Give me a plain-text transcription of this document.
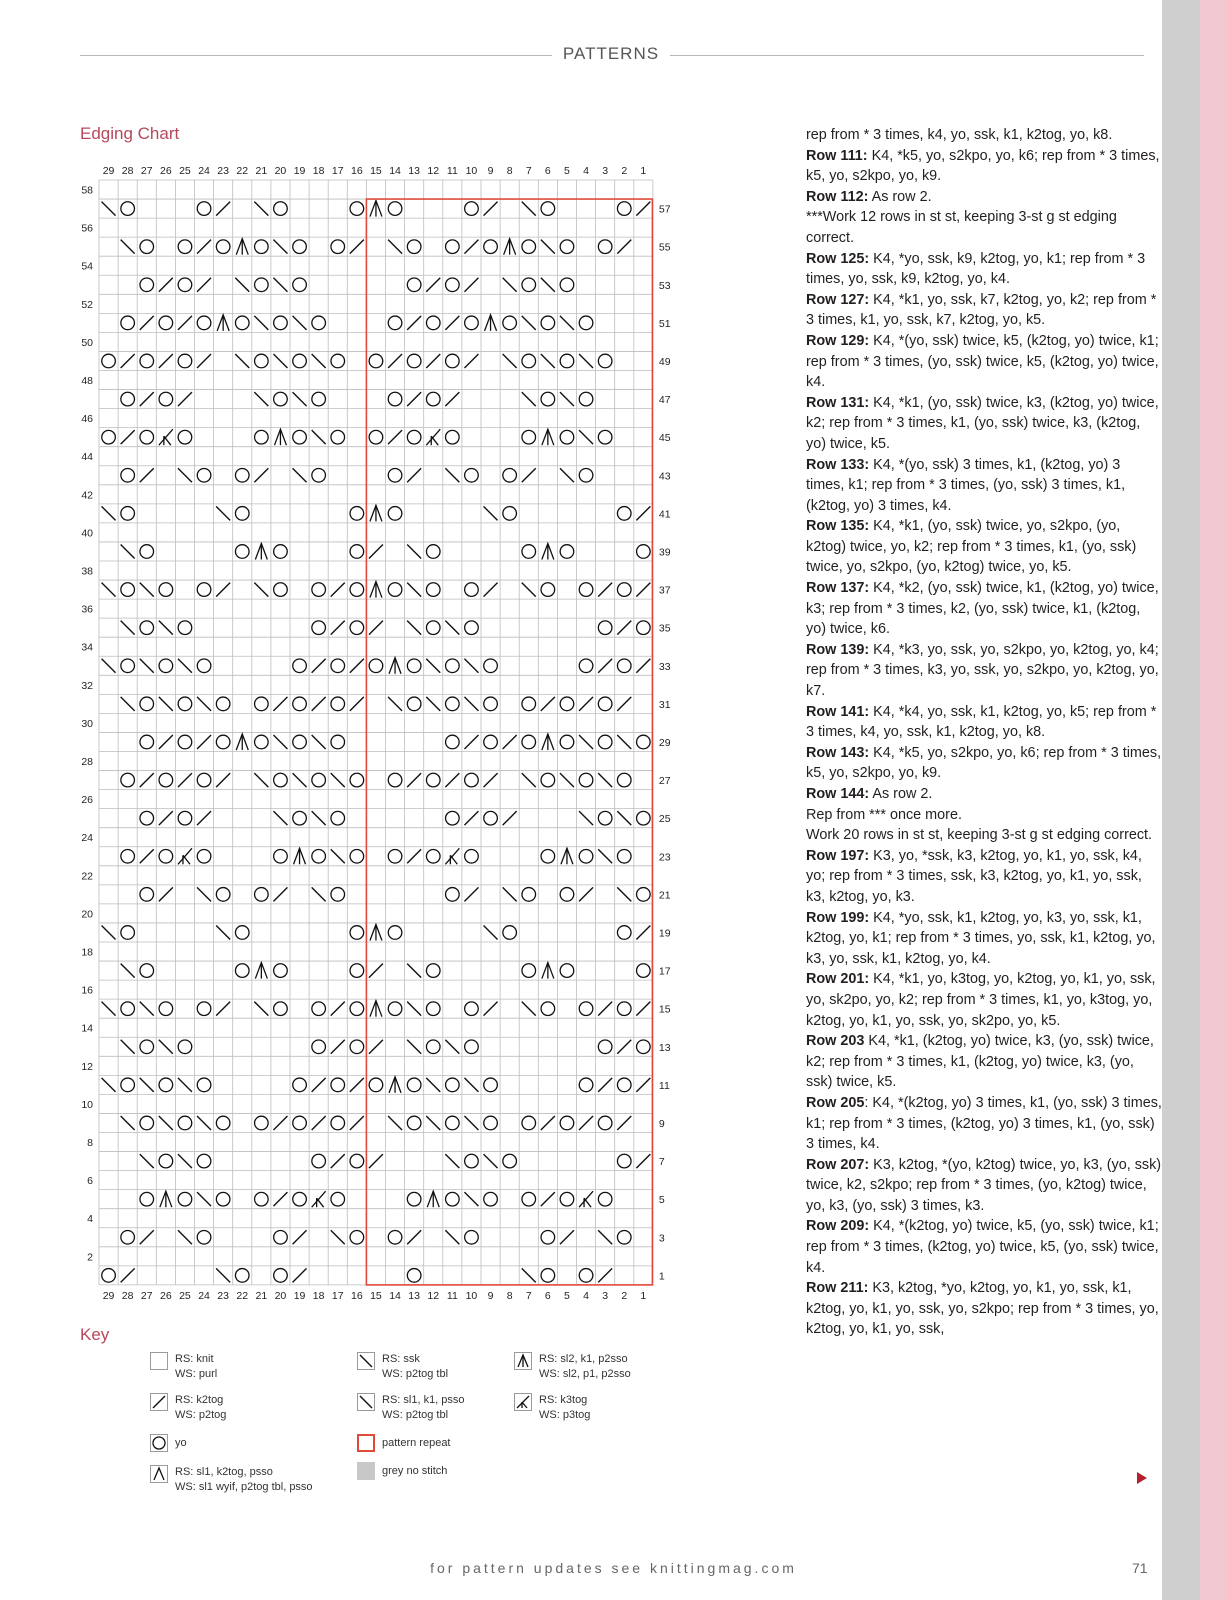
PATTERNS
Edging Chart
29
29
28
28
27
27
26
26
25
25
24
24
23
23
22
22
21
21
20
20
19
19
18
18
17
17
16
16
15
15
14
14
13
13
12
12
11
11
10
10
9
9
8
8
7
7
6
6
5
5
4
4
3
3
2
2
1
1
57
55
53
51
49
47
45
43
41
39
37
35
33
31
29
27
25
23
21
19
17
15
13
11
9
7
5
3
1
58
56
54
52
50
48
46
44
42
40
38
36
34
32
30
28
26
24
22
20
18
16
14
12
10
8
6
4
2
Key
RS: knit
WS: purl
RS: k2tog
WS: p2tog
yo
RS: sl1, k2tog, psso
WS: sl1 wyif, p2tog tbl, psso
RS: ssk
WS: p2tog tbl
RS: sl1, k1, psso
WS: p2tog tbl
pattern repeat
grey no stitch
RS: sl2, k1, p2sso
WS: sl2, p1, p2sso
RS: k3tog
WS: p3tog

rep from * 3 times, k4, yo, ssk, k1, k2tog, yo, k8.

Row 111: K4, *k5, yo, s2kpo, yo, k6; rep from * 3 times, k5, yo, s2kpo, yo, k9.

Row 112: As row 2.

***Work 12 rows in st st, keeping 3-st g st edging correct.

Row 125: K4, *yo, ssk, k9, k2tog, yo, k1; rep from * 3 times, yo, ssk, k9, k2tog, yo, k4.

Row 127: K4, *k1, yo, ssk, k7, k2tog, yo, k2; rep from * 3 times, k1, yo, ssk, k7, k2tog, yo, k5.

Row 129: K4, *(yo, ssk) twice, k5, (k2tog, yo) twice, k1; rep from * 3 times, (yo, ssk) twice, k5, (k2tog, yo) twice, k4.

Row 131: K4, *k1, (yo, ssk) twice, k3, (k2tog, yo) twice, k2; rep from * 3 times, k1, (yo, ssk) twice, k3, (k2tog, yo) twice, k5.

Row 133: K4, *(yo, ssk) 3 times, k1, (k2tog, yo) 3 times, k1; rep from * 3 times, (yo, ssk) 3 times, k1, (k2tog, yo) 3 times, k4.

Row 135: K4, *k1, (yo, ssk) twice, yo, s2kpo, (yo, k2tog) twice, yo, k2; rep from * 3 times, k1, (yo, ssk) twice, yo, s2kpo, (yo, k2tog) twice, yo, k5.

Row 137: K4, *k2, (yo, ssk) twice, k1, (k2tog, yo) twice, k3; rep from * 3 times, k2, (yo, ssk) twice, k1, (k2tog, yo) twice, k6.

Row 139: K4, *k3, yo, ssk, yo, s2kpo, yo, k2tog, yo, k4; rep from * 3 times, k3, yo, ssk, yo, s2kpo, yo, k2tog, yo, k7.

Row 141: K4, *k4, yo, ssk, k1, k2tog, yo, k5; rep from * 3 times, k4, yo, ssk, k1, k2tog, yo, k8.

Row 143: K4, *k5, yo, s2kpo, yo, k6; rep from * 3 times, k5, yo, s2kpo, yo, k9.

Row 144: As row 2.

Rep from *** once more.

Work 20 rows in st st, keeping 3-st g st edging correct.

Row 197: K3, yo, *ssk, k3, k2tog, yo, k1, yo, ssk, k4, yo; rep from * 3 times, ssk, k3, k2tog, yo, k1, yo, ssk, k3, k2tog, yo, k3.

Row 199: K4, *yo, ssk, k1, k2tog, yo, k3, yo, ssk, k1, k2tog, yo, k1; rep from * 3 times, yo, ssk, k1, k2tog, yo, k3, yo, ssk, k1, k2tog, yo, k4.

Row 201: K4, *k1, yo, k3tog, yo, k2tog, yo, k1, yo, ssk, yo, sk2po, yo, k2; rep from * 3 times, k1, yo, k3tog, yo, k2tog, yo, k1, yo, ssk, yo, sk2po, yo, k5.

Row 203 K4, *k1, (k2tog, yo) twice, k3, (yo, ssk) twice, k2; rep from * 3 times, k1, (k2tog, yo) twice, k3, (yo, ssk) twice, k5.

Row 205: K4, *(k2tog, yo) 3 times, k1, (yo, ssk) 3 times, k1; rep from * 3 times, (k2tog, yo) 3 times, k1, (yo, ssk) 3 times, k4.

Row 207: K3, k2tog, *(yo, k2tog) twice, yo, k3, (yo, ssk) twice, k2, s2kpo; rep from * 3 times, (yo, k2tog) twice, yo, k3, (yo, ssk) 3 times, k3.

Row 209: K4, *(k2tog, yo) twice, k5, (yo, ssk) twice, k1; rep from * 3 times, (k2tog, yo) twice, k5, (yo, ssk) twice, k4.

Row 211: K3, k2tog, *yo, k2tog, yo, k1, yo, ssk, k1, k2tog, yo, k1, yo, ssk, yo, s2kpo; rep from * 3 times, yo, k2tog, yo, k1, yo, ssk,

for pattern updates see knittingmag.com	71
